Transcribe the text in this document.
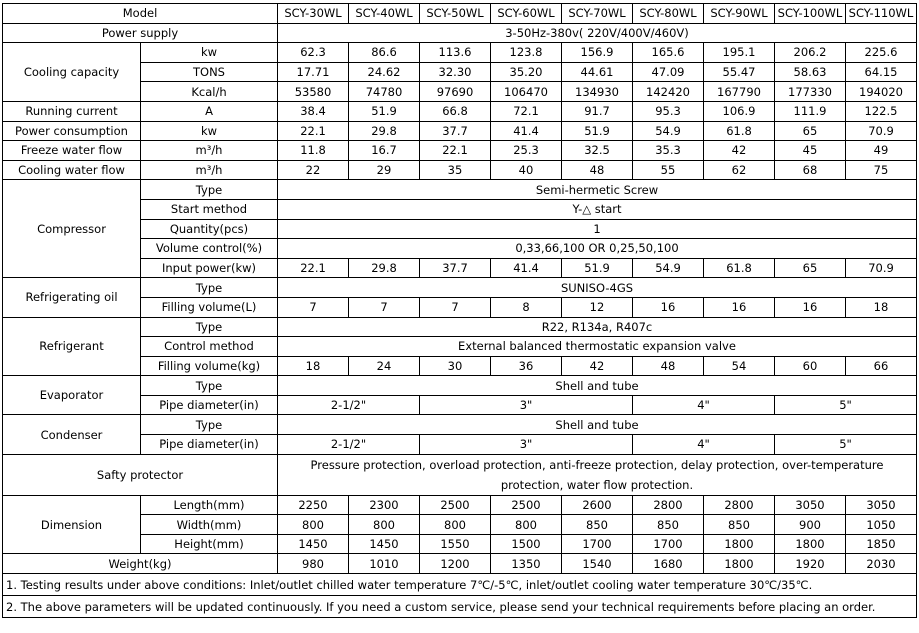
Model		SCY-30WL	SCY-40WL	SCY-50WL	SCY-60WL	SCY-70WL	SCY-80WL	SCY-90WL	SCY-100WL	SCY-110WL
Power supply		3-50Hz-380v( 220V/400V/460V)								
Cooling capacity	kw	62.3	86.6	113.6	123.8	156.9	165.6	195.1	206.2	225.6
	TONS	17.71	24.62	32.30	35.20	44.61	47.09	55.47	58.63	64.15
	Kcal/h	53580	74780	97690	106470	134930	142420	167790	177330	194020
Running current	A	38.4	51.9	66.8	72.1	91.7	95.3	106.9	111.9	122.5
Power consumption	kw	22.1	29.8	37.7	41.4	51.9	54.9	61.8	65	70.9
Freeze water flow	m³/h	11.8	16.7	22.1	25.3	32.5	35.3	42	45	49
Cooling water flow	m³/h	22	29	35	40	48	55	62	68	75
Compressor	Type	Semi-hermetic Screw								
	Start method	Y-△ start								
	Quantity(pcs)	1								
	Volume control(%)	0,33,66,100 OR 0,25,50,100								
	Input power(kw)	22.1	29.8	37.7	41.4	51.9	54.9	61.8	65	70.9
Refrigerating oil	Type	SUNISO-4GS								
	Filling volume(L)	7	7	7	8	12	16	16	16	18
Refrigerant	Type	R22, R134a, R407c								
	Control method	External balanced thermostatic expansion valve								
	Filling volume(kg)	18	24	30	36	42	48	54	60	66
Evaporator	Type	Shell and tube								
	Pipe diameter(in)	2-1/2"		3"			4"		5"	
Condenser	Type	Shell and tube								
	Pipe diameter(in)	2-1/2"		3"			4"		5"	
Safty protector		Pressure protection, overload protection, anti-freeze protection, delay protection, over-temperature protection, water flow protection.								
Dimension	Length(mm)	2250	2300	2500	2500	2600	2800	2800	3050	3050
	Width(mm)	800	800	800	800	850	850	850	900	1050
	Height(mm)	1450	1450	1550	1500	1700	1700	1800	1800	1850
Weight(kg)		980	1010	1200	1350	1540	1680	1800	1920	2030
1. Testing results under above conditions: Inlet/outlet chilled water temperature 7℃/-5℃, inlet/outlet cooling water temperature 30℃/35℃.										
2. The above parameters will be updated continuously. If you need a custom service, please send your technical requirements before placing an order.										
